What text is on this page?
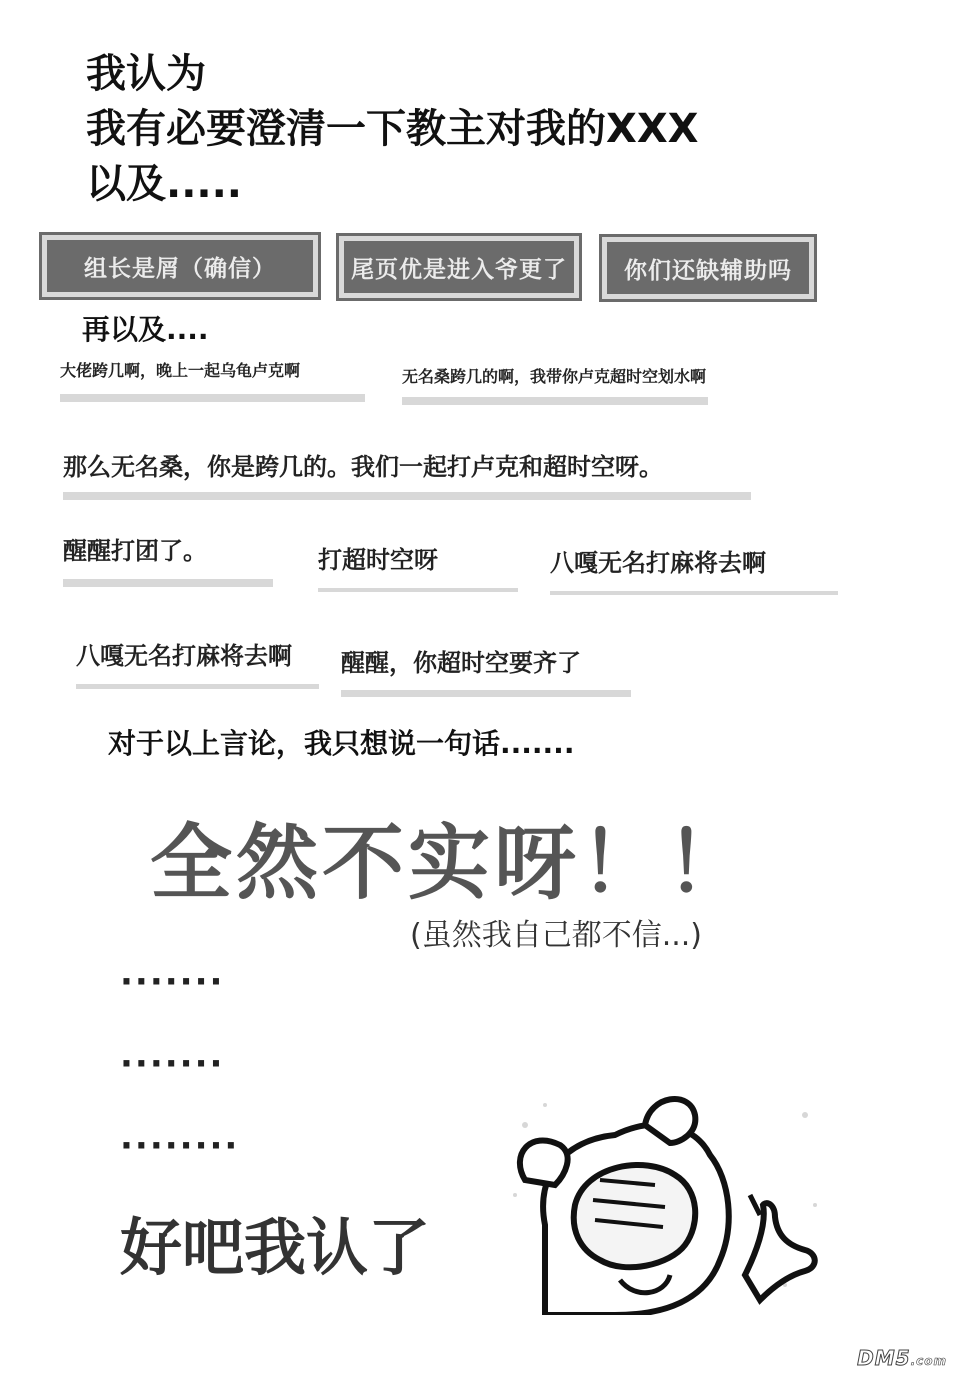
我认为
我有必要澄清一下教主对我的XXX
以及.....
组长是屑（确信）	尾页优是进入爷更了	你们还缺辅助吗
再以及....
大佬跨几啊，晚上一起乌龟卢克啊	无名桑跨几的啊，我带你卢克超时空划水啊
那么无名桑，你是跨几的。我们一起打卢克和超时空呀。
醒醒打团了。	打超时空呀	八嘎无名打麻将去啊
八嘎无名打麻将去啊 醒醒，你超时空要齐了
对于以上言论，我只想说一句话.......
全然不实呀！！
(虽然我自己都不信...)
·······
·······
········
好吧我认了
DM5.com
